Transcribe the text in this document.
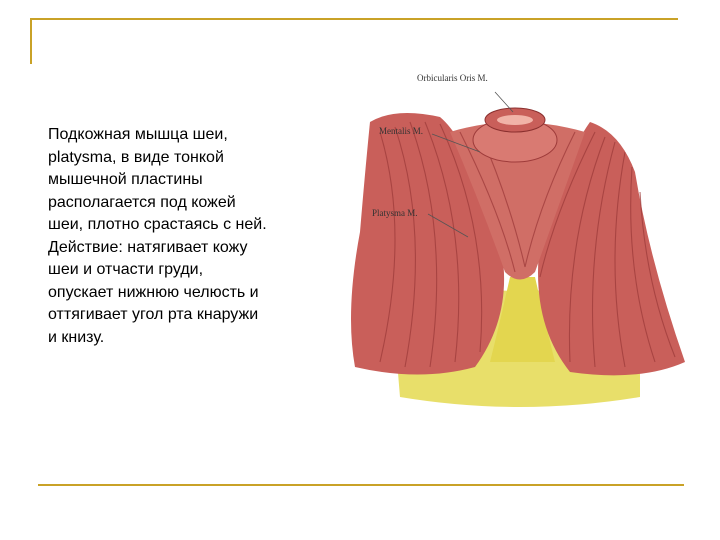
Подкожная мышца шеи,
platysma, в виде тонкой
мышечной пластины
располагается под кожей
шеи, плотно срастаясь с ней.
Действие: натягивает кожу
шеи и отчасти груди,
опускает нижнюю челюсть и
оттягивает угол рта кнаружи
и книзу.
Orbicularis Oris M.
Mentalis M.
Platysma M.
